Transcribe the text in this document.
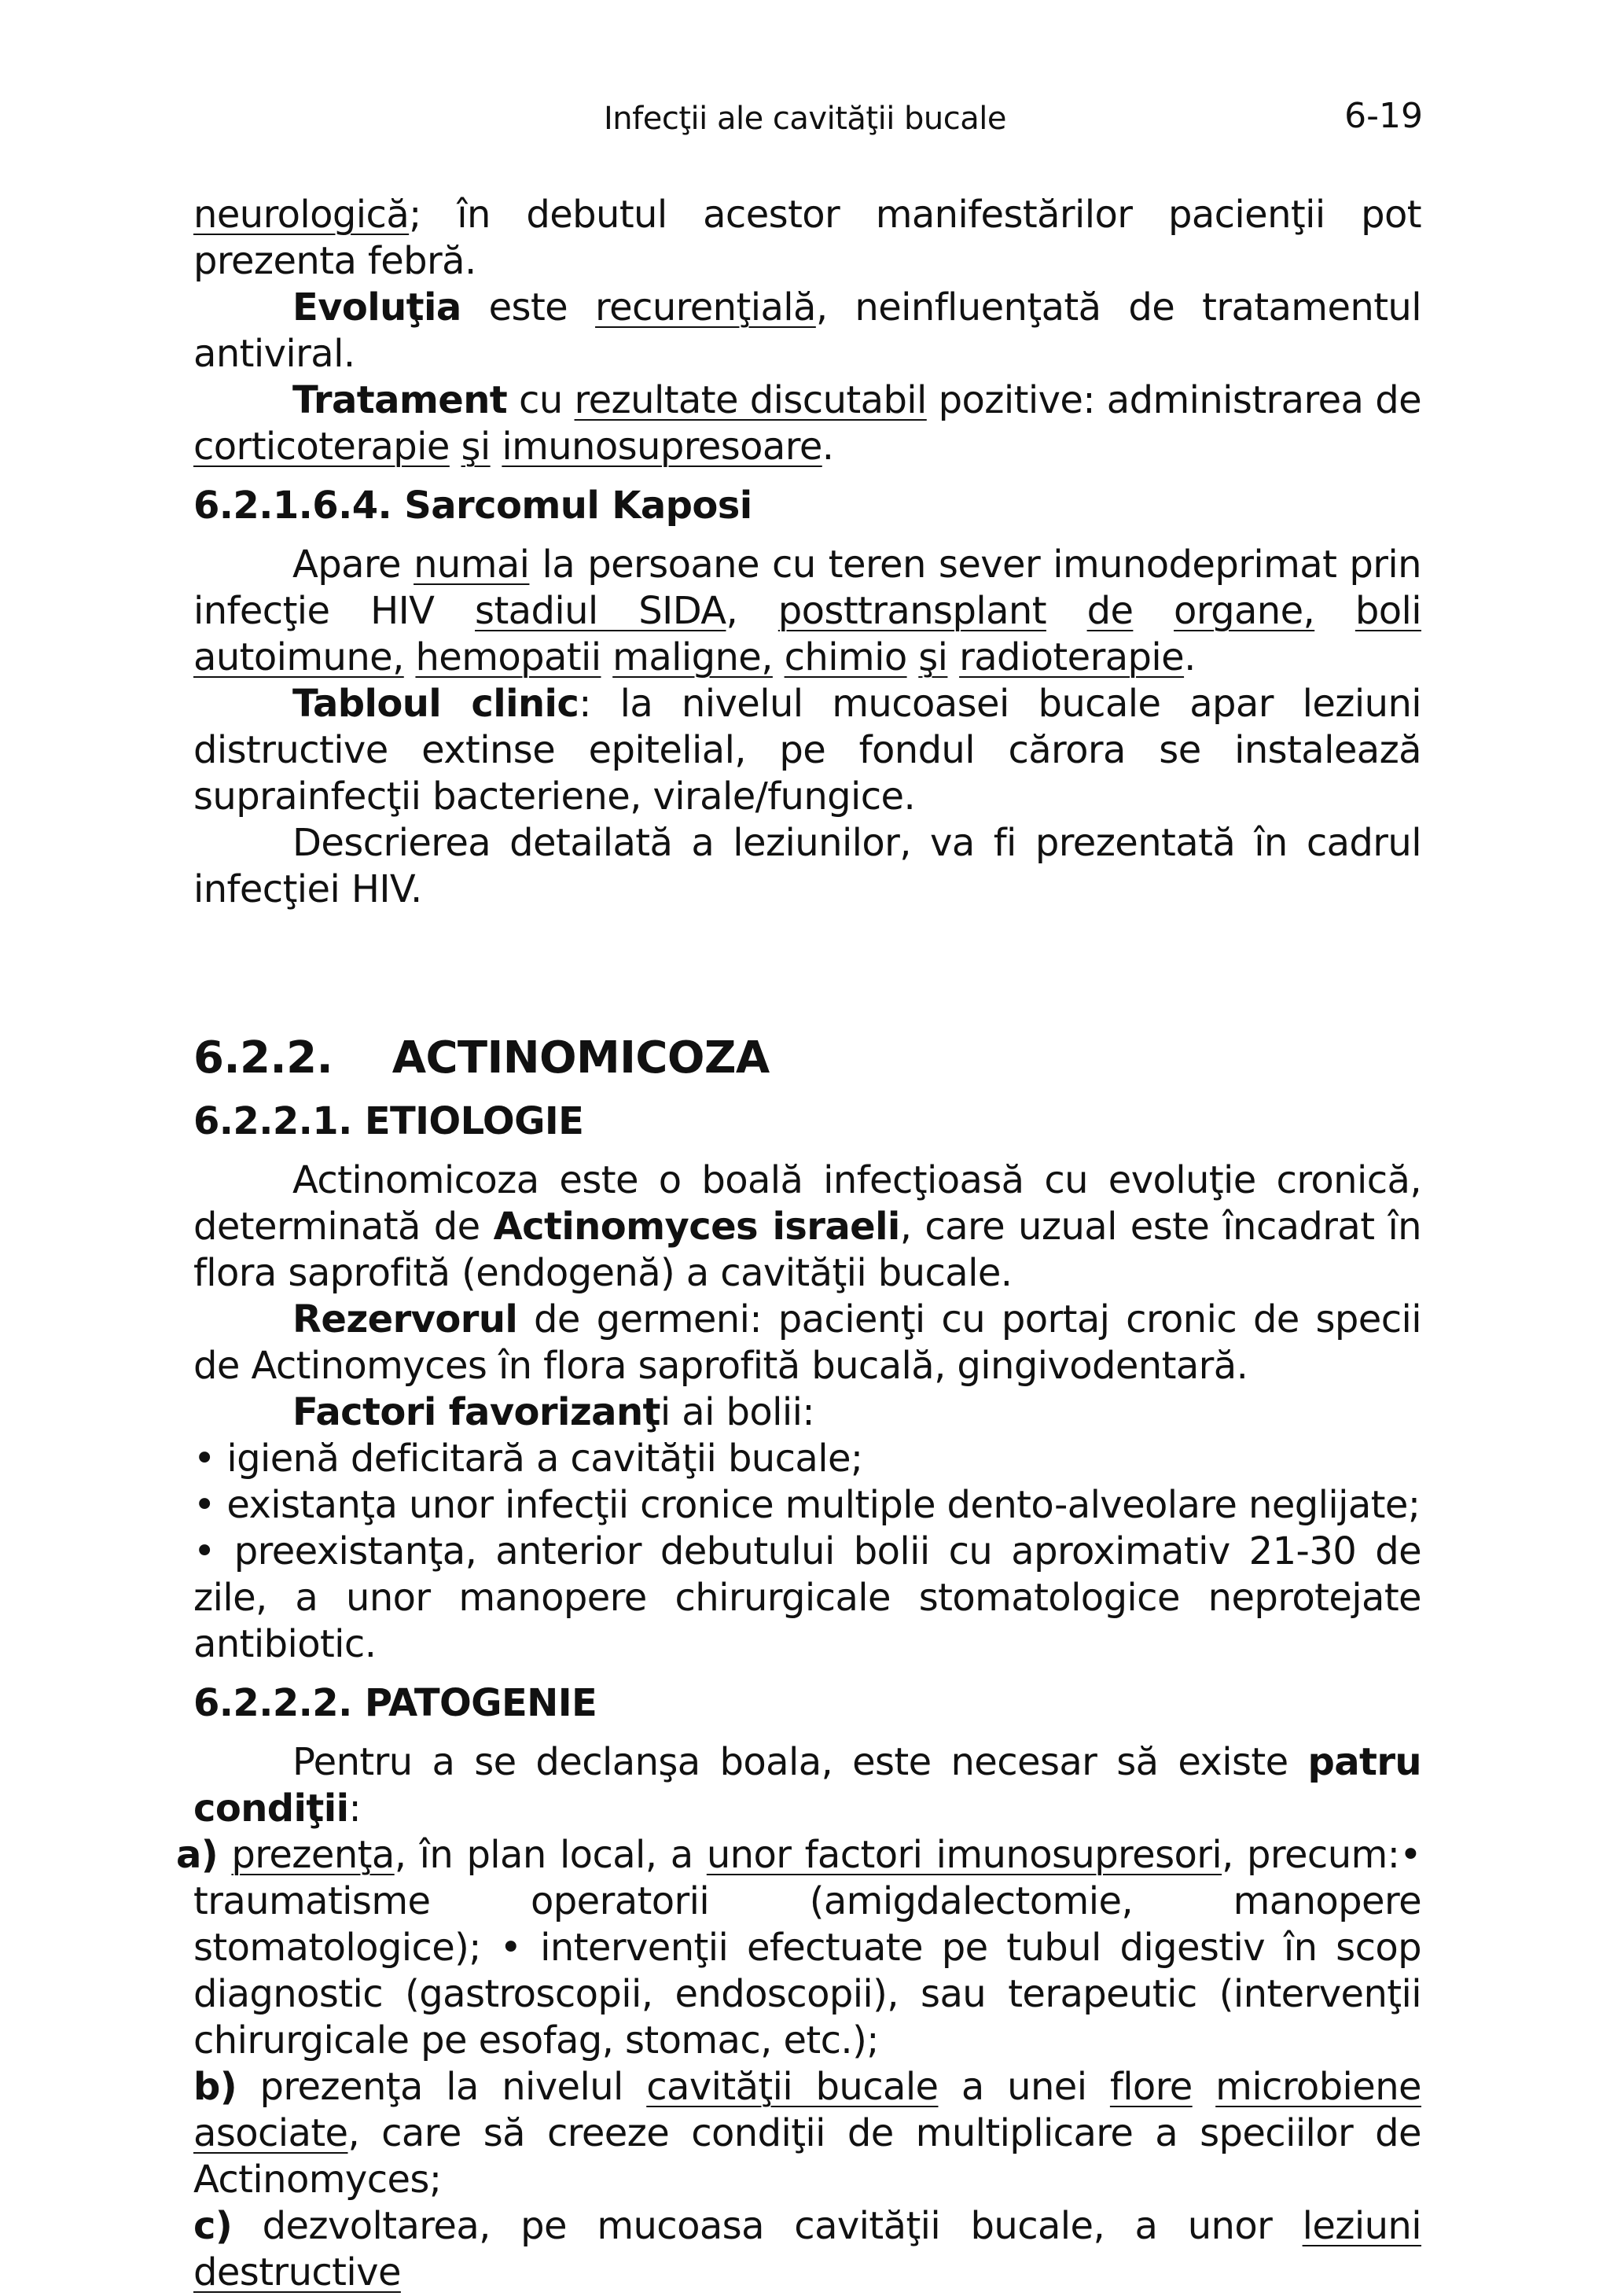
Infecţii ale cavităţii bucale	6-19

neurologică; în debutul acestor manifestărilor pacienţii pot prezenta febră.

Evoluţia este recurenţială, neinfluenţată de tratamentul antiviral.

Tratament cu rezultate discutabil pozitive: administrarea de corticoterapie şi imunosupresoare.

6.2.1.6.4. Sarcomul Kaposi

Apare numai la persoane cu teren sever imunodeprimat prin infecţie HIV stadiul SIDA, posttransplant de organe, boli autoimune, hemopatii maligne, chimio şi radioterapie.

Tabloul clinic: la nivelul mucoasei bucale apar leziuni distructive extinse epitelial, pe fondul cărora se instalează suprainfecţii bacteriene, virale/fungice.

Descrierea detailată a leziunilor, va fi prezentată în cadrul infecţiei HIV.

6.2.2.    ACTINOMICOZA
6.2.2.1. ETIOLOGIE

Actinomicoza este o boală infecţioasă cu evoluţie cronică, determinată de Actinomyces israeli, care uzual este încadrat în flora saprofită (endogenă) a cavităţii bucale.

Rezervorul de germeni: pacienţi cu portaj cronic de specii de Actinomyces în flora saprofită bucală, gingivodentară.

Factori favorizanţi ai bolii:

• igienă deficitară a cavităţii bucale;

• existanţa unor infecţii cronice multiple dento-alveolare neglijate;

• preexistanţa, anterior debutului bolii cu aproximativ 21-30 de zile, a unor manopere chirurgicale stomatologice neprotejate antibiotic.

6.2.2.2. PATOGENIE

Pentru a se declanşa boala, este necesar să existe patru condiţii:

a) prezenţa, în plan local, a unor factori imunosupresori, precum:• traumatisme operatorii (amigdalectomie, manopere stomatologice); • intervenţii efectuate pe tubul digestiv în scop diagnostic (gastroscopii, endoscopii), sau terapeutic (intervenţii chirurgicale pe esofag, stomac, etc.);

b) prezenţa la nivelul cavităţii bucale a unei flore microbiene asociate, care să creeze condiţii de multiplicare a speciilor de Actinomyces;

c) dezvoltarea, pe mucoasa cavităţii bucale, a unor leziuni destructive
